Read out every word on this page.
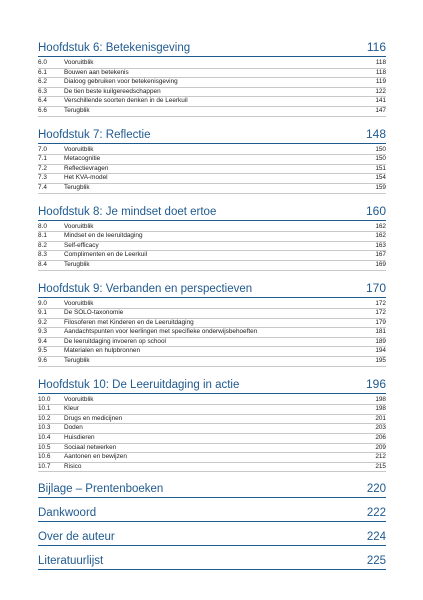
Hoofdstuk 6: Betekenisgeving	116
6.0	Vooruitblik	118
6.1	Bouwen aan betekenis	118
6.2	Dialoog gebruiken voor betekenisgeving	119
6.3	De tien beste kuilgereedschappen	122
6.4	Verschillende soorten denken in de Leerkuil	141
6.6	Terugblik	147
Hoofdstuk 7: Reflectie	148
7.0	Vooruitblik	150
7.1	Metacognitie	150
7.2	Reflectievragen	151
7.3	Het KVA-model	154
7.4	Terugblik	159
Hoofdstuk 8: Je mindset doet ertoe	160
8.0	Vooruitblik	162
8.1	Mindset en de leeruitdaging	162
8.2	Self-efficacy	163
8.3	Complimenten en de Leerkuil	167
8.4	Terugblik	169
Hoofdstuk 9: Verbanden en perspectieven	170
9.0	Vooruitblik	172
9.1	De SOLO-taxonomie	172
9.2	Filosoferen met Kinderen en de Leeruitdaging	179
9.3	Aandachtspunten voor leerlingen met specifieke onderwijsbehoeften	181
9.4	De leeruitdaging invoeren op school	189
9.5	Materialen en hulpbronnen	194
9.6	Terugblik	195
Hoofdstuk 10: De Leeruitdaging in actie	196
10.0	Vooruitblik	198
10.1	Kleur	198
10.2	Drugs en medicijnen	201
10.3	Doden	203
10.4	Huisdieren	206
10.5	Sociaal netwerken	209
10.6	Aantonen en bewijzen	212
10.7	Risico	215
Bijlage – Prentenboeken	220
Dankwoord	222
Over de auteur	224
Literatuurlijst	225
